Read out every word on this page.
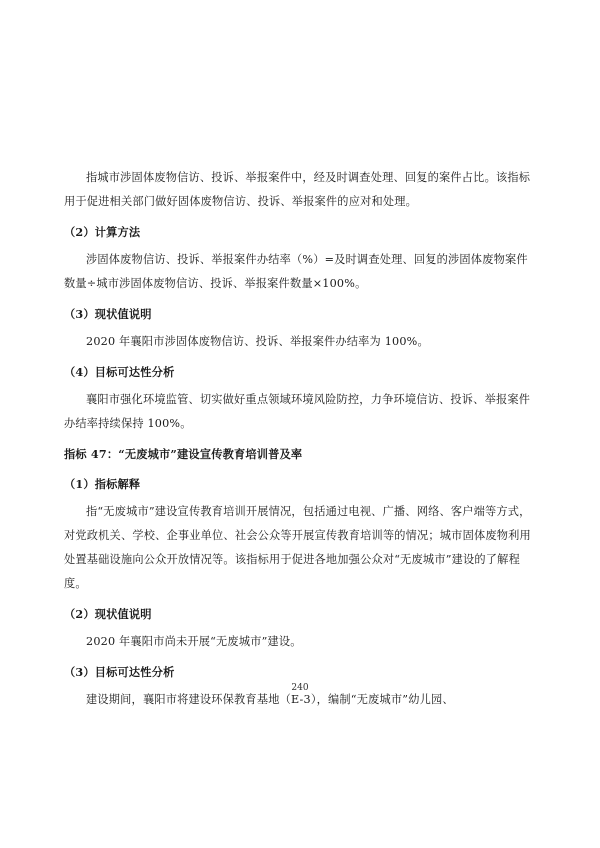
指城市涉固体废物信访、投诉、举报案件中，经及时调查处理、回复的案件占比。该指标用于促进相关部门做好固体废物信访、投诉、举报案件的应对和处理。

（2）计算方法

涉固体废物信访、投诉、举报案件办结率（%）=及时调查处理、回复的涉固体废物案件数量÷城市涉固体废物信访、投诉、举报案件数量×100%。

（3）现状值说明

2020 年襄阳市涉固体废物信访、投诉、举报案件办结率为 100%。

（4）目标可达性分析

襄阳市强化环境监管、切实做好重点领域环境风险防控，力争环境信访、投诉、举报案件办结率持续保持 100%。

指标 47：“无废城市”建设宣传教育培训普及率

（1）指标解释

指“无废城市”建设宣传教育培训开展情况，包括通过电视、广播、网络、客户端等方式，对党政机关、学校、企事业单位、社会公众等开展宣传教育培训等的情况；城市固体废物利用处置基础设施向公众开放情况等。该指标用于促进各地加强公众对“无废城市”建设的了解程度。

（2）现状值说明

2020 年襄阳市尚未开展“无废城市”建设。

（3）目标可达性分析

建设期间，襄阳市将建设环保教育基地（E-3），编制“无废城市”幼儿园、

240
